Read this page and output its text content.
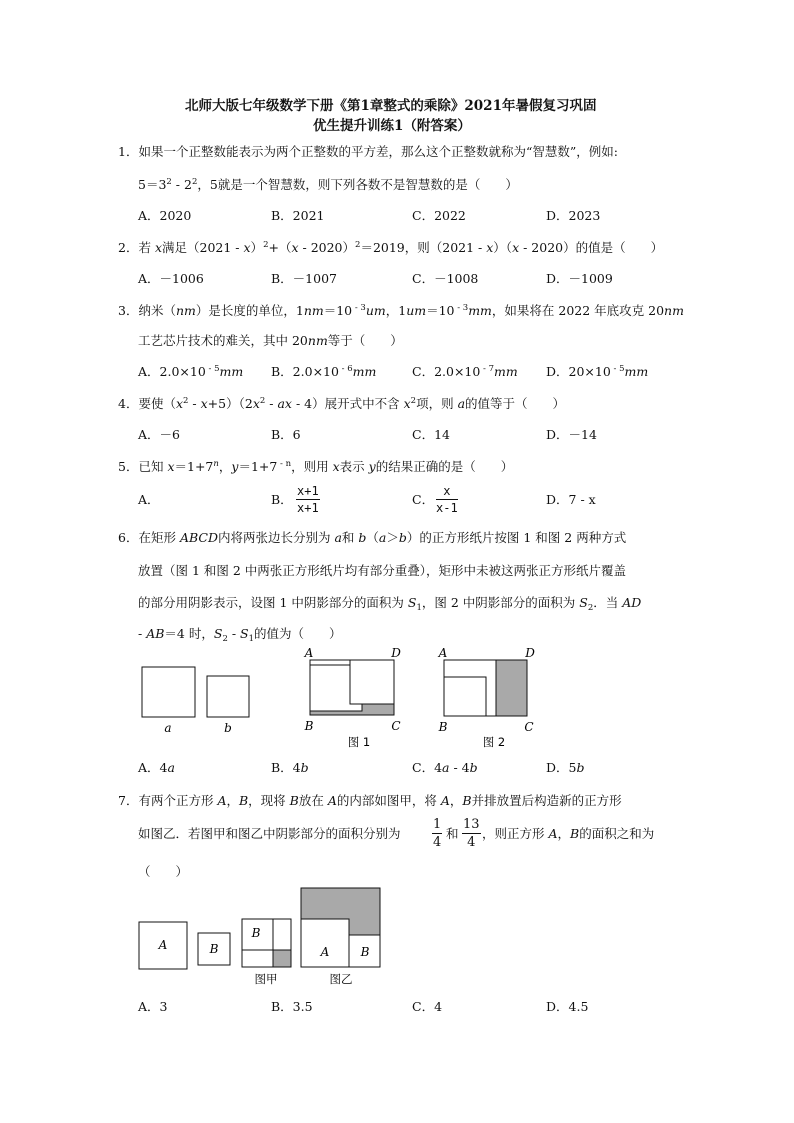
北师大版七年级数学下册《第1章整式的乘除》2021年暑假复习巩固
优生提升训练1（附答案）
1．如果一个正整数能表示为两个正整数的平方差，那么这个正整数就称为“智慧数”，例如:
$5=3^2 - 2^2$，5就是一个智慧数，则下列各数不是智慧数的是（　　）
A．2020	B．2021	C．2022	D．2023
2．若 x满足（2021 - x）$^2$+（x - 2020）$^2$＝2019，则（2021 - x）（x - 2020）的值是（　　）
A．－1006	B．－1007	C．－1008	D．－1009
3．纳米（nm）是长度的单位，1nm＝10 $^{- 3}$um，1um＝10 $^{- 3}$mm，如果将在 2022 年底攻克 20nm
工艺芯片技术的难关，其中 20nm等于（　　）
A．2.0×10 $^{- 5}$mm B．2.0×10 $^{- 6}$mm	C．2.0×10 $^{- 7}$mm D．20×10 $^{- 5}$mm
4．要使$(x^2 - x+5)(2x^2$ - ax - 4）展开式中不含 $x^2$项，则 a的值等于（　　）
A．－6	B．6	C．14	D．－14
5．已知 $x=1+7^n$，y＝1+7 $^{- n}$，则用 x表示 y的结果正确的是（　　）
A．	B． $\frac{x+1}{x+1}$	C． $\frac{x}{x-1}$	D．7 - x
6．在矩形 ABCD内将两张边长分别为 a和 b（a＞b）的正方形纸片按图 1 和图 2 两种方式
放置（图 1 和图 2 中两张正方形纸片均有部分重叠），矩形中未被这两张正方形纸片覆盖
的部分用阴影表示，设图 1 中阴影部分的面积为 $S_1$，图 2 中阴影部分的面积为 $S_2$．当 AD
- AB＝4 时，$S_2 - S_1$的值为（　　）
a	b
A	D
B	C
图 1
A	D
B	C
图 2
A．4a	B．4b	C．4a - 4b	D．5b
7．有两个正方形 A，B，现将 B放在 A的内部如图甲，将 A，B并排放置后构造新的正方形
如图乙．若图甲和图乙中阴影部分的面积分别为 $\frac{1}{4}$ 和 $\frac{13}{4}$ ，则正方形 A，B的面积之和为
（　　）
A	B
B
图甲
A	B
图乙
A．3	B．3.5	C．4	D．4.5
